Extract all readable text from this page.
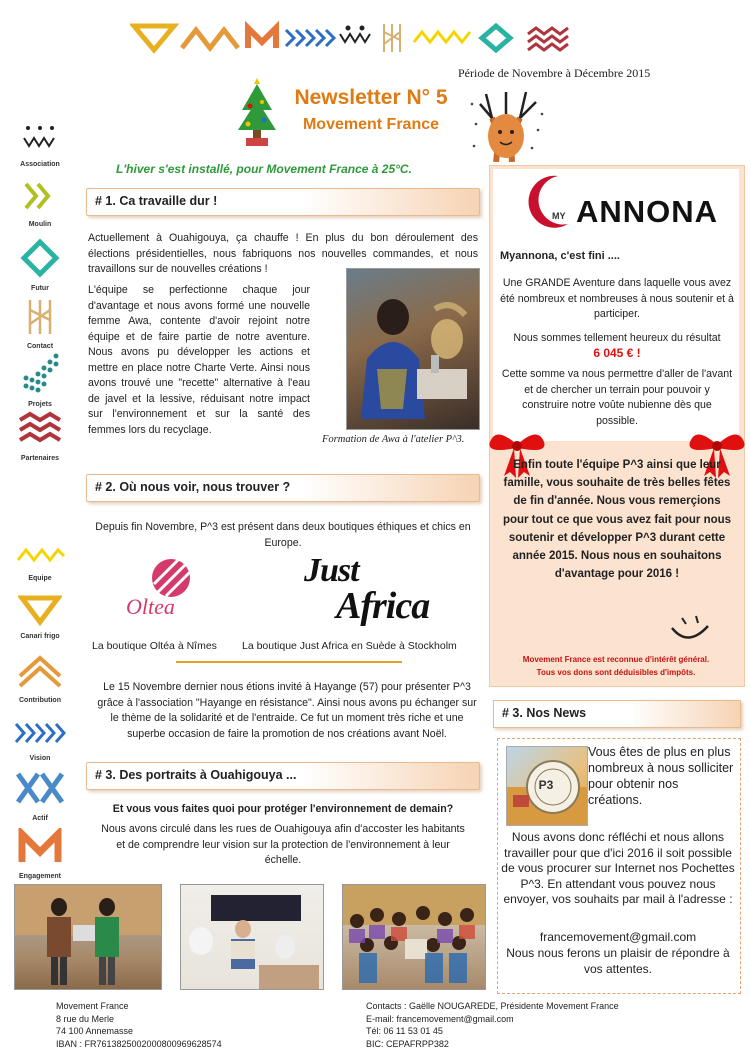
Newsletter N° 5
Movement France
Période de Novembre à Décembre 2015
L'hiver s'est installé, pour Movement France à 25°C.
Association
Moulin
Futur
Contact
Projets
Partenaires
Equipe
Canari frigo
Contribution
Vision
Actif
Engagement
# 1. Ca travaille dur !
Actuellement à Ouahigouya, ça chauffe ! En plus du bon déroulement des élections présidentielles, nous fabriquons nos nouvelles commandes, et nous travaillons sur de nouvelles créations !
L'équipe se perfectionne chaque jour d'avantage et nous avons formé une nouvelle femme Awa, contente d'avoir rejoint notre équipe et de faire partie de notre aventure. Nous avons pu développer les actions et mettre en place notre Charte Verte. Ainsi nous avons trouvé une "recette" alternative à l'eau de javel et la lessive, réduisant notre impact sur l'environnement et sur la santé des femmes lors du recyclage.
Formation de Awa à l'atelier P^3.
# 2. Où nous voir, nous trouver ?
Depuis fin Novembre, P^3 est présent dans deux boutiques éthiques et chics en Europe.
Oltea
Just
Africa
La boutique Oltéa à Nîmes La boutique Just Africa en Suède à Stockholm
Le 15 Novembre dernier nous étions invité à Hayange (57) pour présenter P^3 grâce à l'association "Hayange en résistance". Ainsi nous avons pu échanger sur le thème de la solidarité et de l'entraide. Ce fut un moment très riche et une superbe occasion de faire la promotion de nos créations avant Noël.
# 3. Des portraits à Ouahigouya ...
Et vous vous faites quoi pour protéger l'environnement de demain?
Nous avons circulé dans les rues de Ouahigouya afin d'accoster les habitants et de comprendre leur vision sur la protection de l'environnement à leur échelle.
MY ANNONA
Myannona, c'est fini ....
Une GRANDE Aventure dans laquelle vous avez été nombreux et nombreuses à nous soutenir et à participer.
Nous sommes tellement heureux du résultat
6 045 € !
Cette somme va nous permettre d'aller de l'avant et de chercher un terrain pour pouvoir y construire notre voûte nubienne dès que possible.
Enfin toute l'équipe P^3 ainsi que leur famille, vous souhaite de très belles fêtes de fin d'année. Nous vous remerçions pour tout ce que vous avez fait pour nous soutenir et développer P^3 durant cette année 2015. Nous nous en souhaitons d'avantage pour 2016 !
Movement France est reconnue d'intérêt général.
Tous vos dons sont déduisibles d'impôts.
# 3. Nos News
P3
Vous êtes de plus en plus nombreux à nous solliciter pour obtenir nos créations.
Nous avons donc réfléchi et nous allons travailler pour que d'ici 2016 il soit possible de vous procurer sur Internet nos Pochettes P^3. En attendant vous pouvez nous envoyer, vos souhaits par mail à l'adresse :
francemovement@gmail.com
Nous nous ferons un plaisir de répondre à vos attentes.
Movement France
8 rue du Merle
74 100 Annemasse
IBAN : FR7613825002000800969628574
Contacts : Gaëlle NOUGAREDE, Présidente Movement France
E-mail: francemovement@gmail.com
Tél: 06 11 53 01 45
BIC: CEPAFRPP382
